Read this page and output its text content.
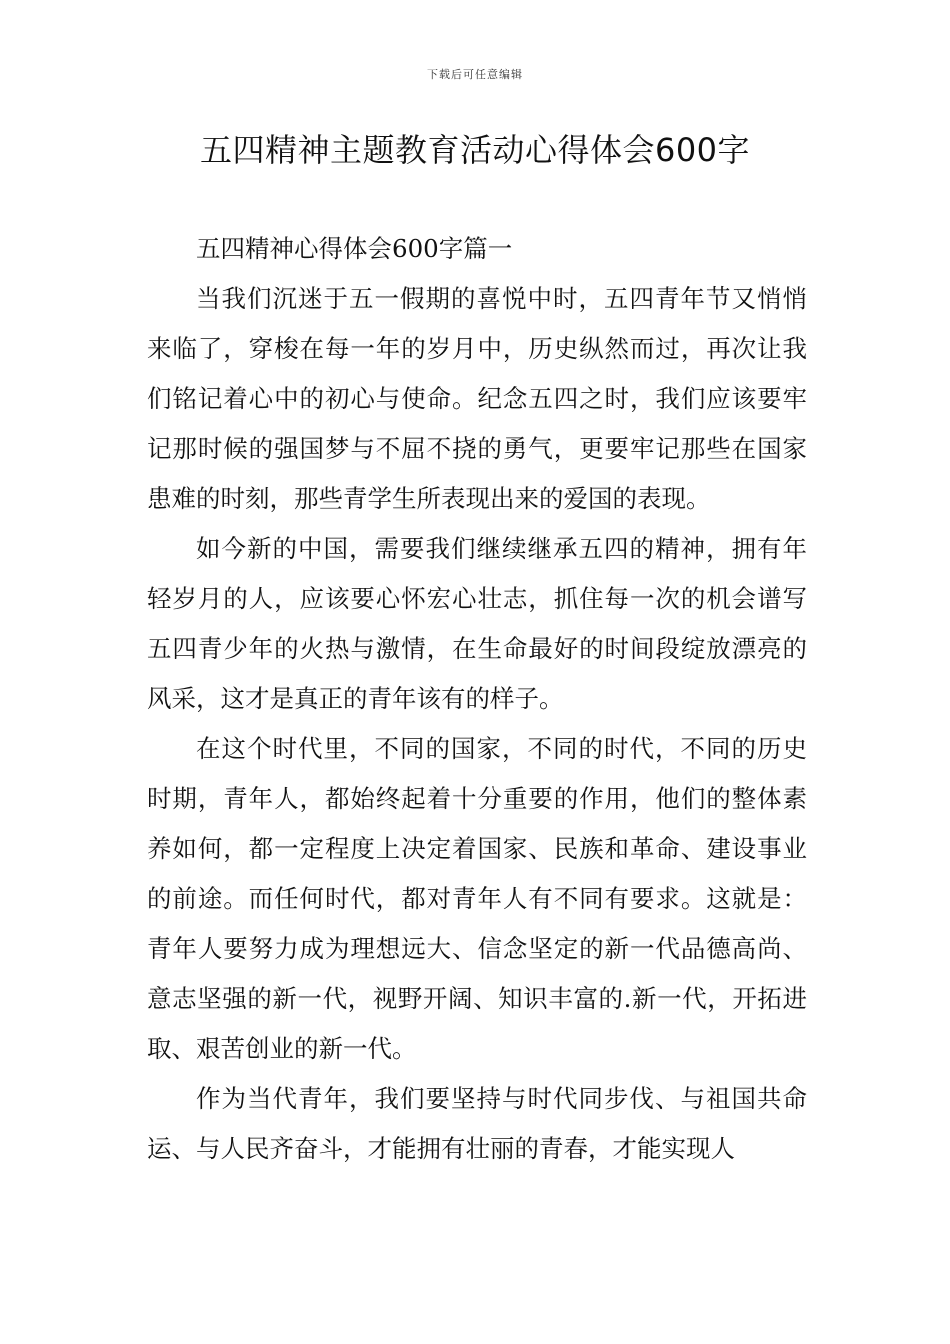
下载后可任意编辑
五四精神主题教育活动心得体会600字

五四精神心得体会600字篇一

当我们沉迷于五一假期的喜悦中时，五四青年节又悄悄来临了，穿梭在每一年的岁月中，历史纵然而过，再次让我们铭记着心中的初心与使命。纪念五四之时，我们应该要牢记那时候的强国梦与不屈不挠的勇气，更要牢记那些在国家患难的时刻，那些青学生所表现出来的爱国的表现。

如今新的中国，需要我们继续继承五四的精神，拥有年轻岁月的人，应该要心怀宏心壮志，抓住每一次的机会谱写五四青少年的火热与激情，在生命最好的时间段绽放漂亮的风采，这才是真正的青年该有的样子。

在这个时代里，不同的国家，不同的时代，不同的历史时期，青年人，都始终起着十分重要的作用，他们的整体素养如何，都一定程度上决定着国家、民族和革命、建设事业的前途。而任何时代，都对青年人有不同有要求。这就是：青年人要努力成为理想远大、信念坚定的新一代品德高尚、意志坚强的新一代，视野开阔、知识丰富的.新一代，开拓进取、艰苦创业的新一代。

作为当代青年，我们要坚持与时代同步伐、与祖国共命运、与人民齐奋斗，才能拥有壮丽的青春，才能实现人
